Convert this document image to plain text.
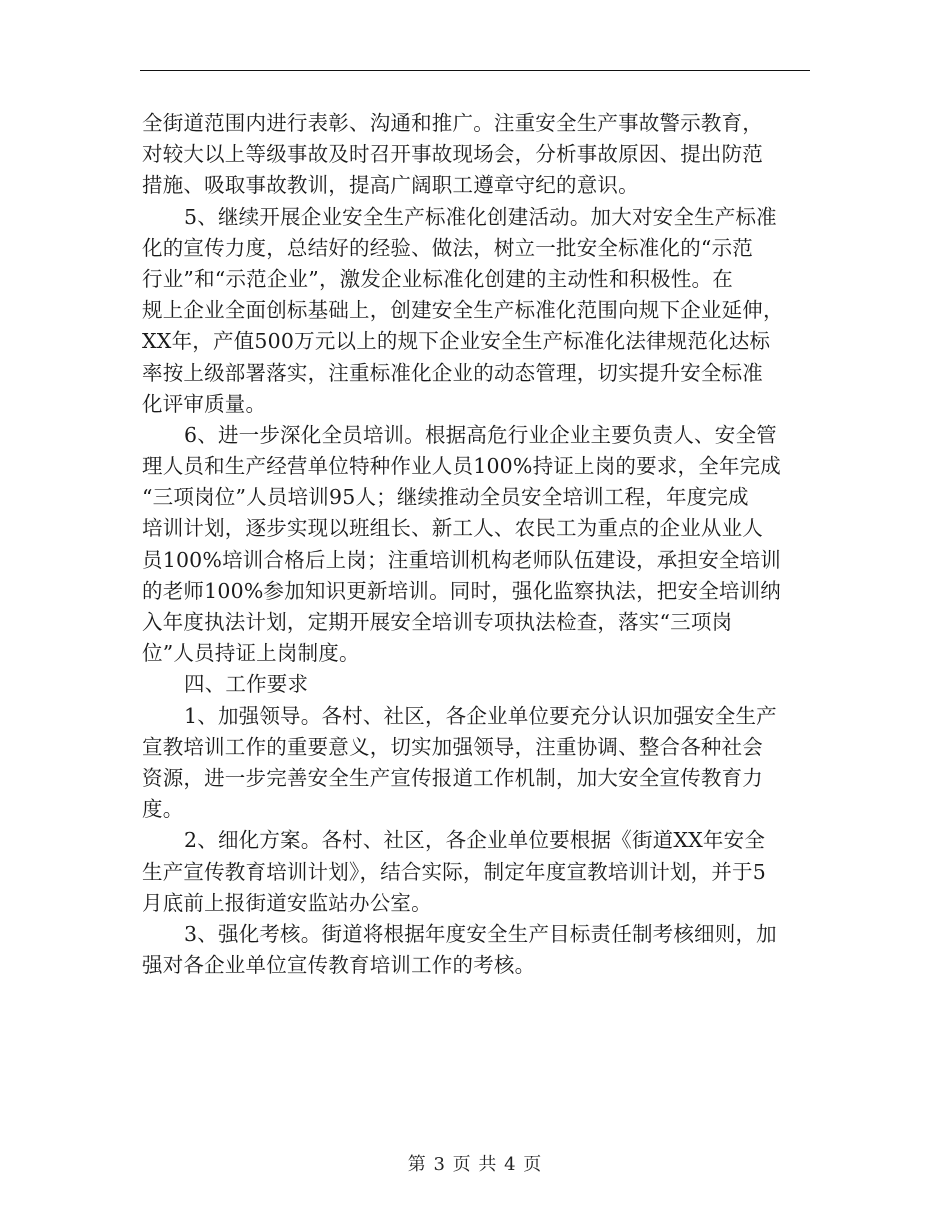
全街道范围内进行表彰、沟通和推广。注重安全生产事故警示教育，
对较大以上等级事故及时召开事故现场会，分析事故原因、提出防范
措施、吸取事故教训，提高广阔职工遵章守纪的意识。
5、继续开展企业安全生产标准化创建活动。加大对安全生产标准
化的宣传力度，总结好的经验、做法，树立一批安全标准化的“示范
行业”和“示范企业”，激发企业标准化创建的主动性和积极性。在
规上企业全面创标基础上，创建安全生产标准化范围向规下企业延伸，
XX年，产值500万元以上的规下企业安全生产标准化法律规范化达标
率按上级部署落实，注重标准化企业的动态管理，切实提升安全标准
化评审质量。
6、进一步深化全员培训。根据高危行业企业主要负责人、安全管
理人员和生产经营单位特种作业人员100%持证上岗的要求，全年完成
“三项岗位”人员培训95人；继续推动全员安全培训工程，年度完成
培训计划，逐步实现以班组长、新工人、农民工为重点的企业从业人
员100%培训合格后上岗；注重培训机构老师队伍建设，承担安全培训
的老师100%参加知识更新培训。同时，强化监察执法，把安全培训纳
入年度执法计划，定期开展安全培训专项执法检查，落实“三项岗
位”人员持证上岗制度。
四、工作要求
1、加强领导。各村、社区，各企业单位要充分认识加强安全生产
宣教培训工作的重要意义，切实加强领导，注重协调、整合各种社会
资源，进一步完善安全生产宣传报道工作机制，加大安全宣传教育力
度。
2、细化方案。各村、社区，各企业单位要根据《街道XX年安全
生产宣传教育培训计划》，结合实际，制定年度宣教培训计划，并于5
月底前上报街道安监站办公室。
3、强化考核。街道将根据年度安全生产目标责任制考核细则，加
强对各企业单位宣传教育培训工作的考核。
第 3 页 共 4 页
